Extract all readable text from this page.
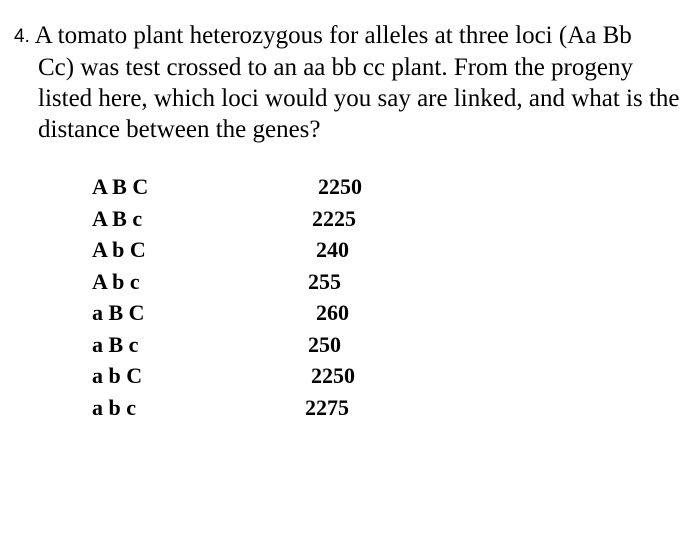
4. A tomato plant heterozygous for alleles at three loci (Aa Bb
Cc) was test crossed to an aa bb cc plant. From the progeny listed here, which loci would you say are linked, and what is the distance between the genes?
A B C	2250
A B c	2225
A b C	240
A b c	255
a B C	260
a B c	250
a b C	2250
a b c	2275
